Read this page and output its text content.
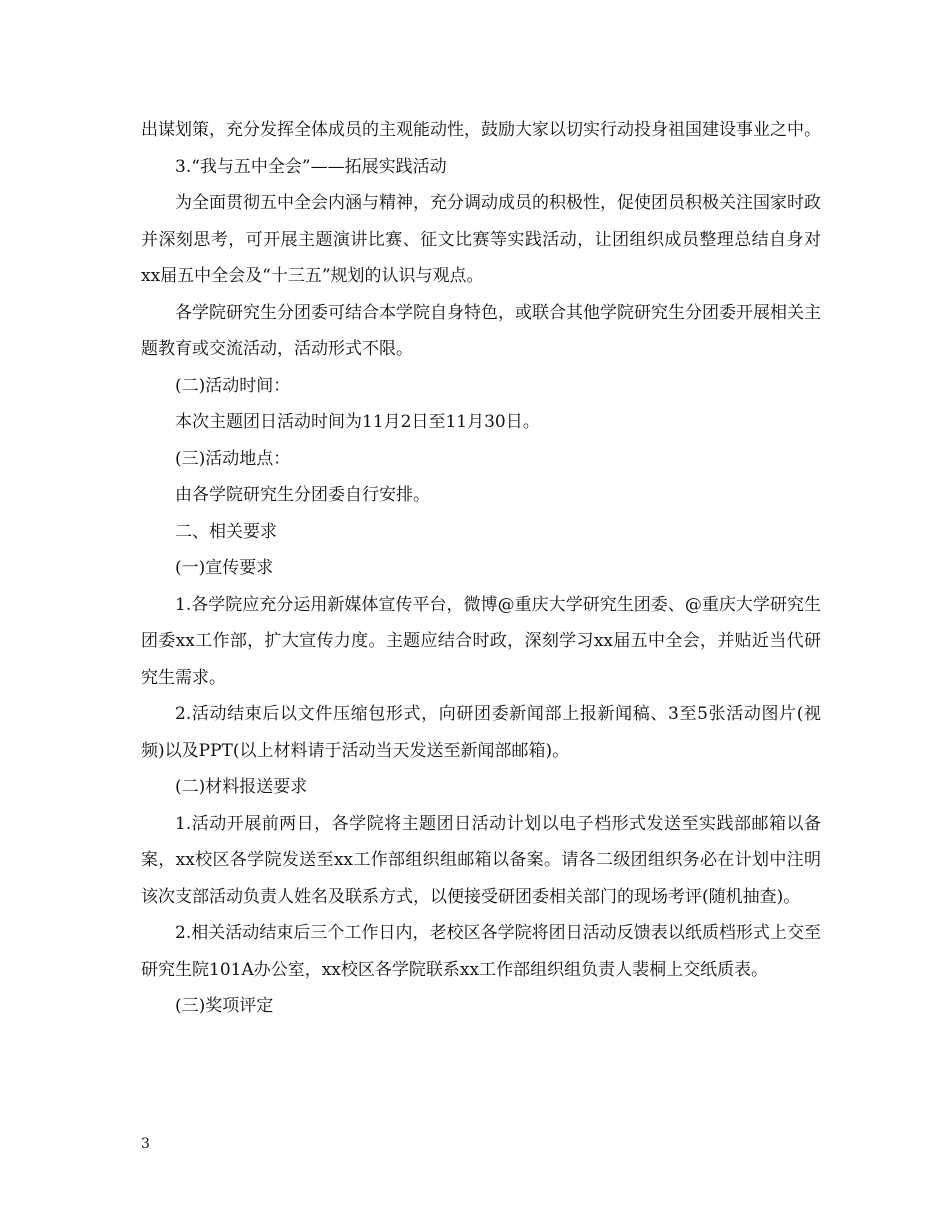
出谋划策，充分发挥全体成员的主观能动性，鼓励大家以切实行动投身祖国建设事业之中。

3.“我与五中全会”——拓展实践活动

为全面贯彻五中全会内涵与精神，充分调动成员的积极性，促使团员积极关注国家时政并深刻思考，可开展主题演讲比赛、征文比赛等实践活动，让团组织成员整理总结自身对xx届五中全会及“十三五”规划的认识与观点。

各学院研究生分团委可结合本学院自身特色，或联合其他学院研究生分团委开展相关主题教育或交流活动，活动形式不限。

(二)活动时间：

本次主题团日活动时间为11月2日至11月30日。

(三)活动地点：

由各学院研究生分团委自行安排。

二、相关要求

(一)宣传要求

1.各学院应充分运用新媒体宣传平台，微博@重庆大学研究生团委、@重庆大学研究生团委xx工作部，扩大宣传力度。主题应结合时政，深刻学习xx届五中全会，并贴近当代研究生需求。

2.活动结束后以文件压缩包形式，向研团委新闻部上报新闻稿、3至5张活动图片(视频)以及PPT(以上材料请于活动当天发送至新闻部邮箱)。

(二)材料报送要求

1.活动开展前两日，各学院将主题团日活动计划以电子档形式发送至实践部邮箱以备案，xx校区各学院发送至xx工作部组织组邮箱以备案。请各二级团组织务必在计划中注明该次支部活动负责人姓名及联系方式，以便接受研团委相关部门的现场考评(随机抽查)。

2.相关活动结束后三个工作日内，老校区各学院将团日活动反馈表以纸质档形式上交至研究生院101A办公室，xx校区各学院联系xx工作部组织组负责人裴桐上交纸质表。

(三)奖项评定

3
